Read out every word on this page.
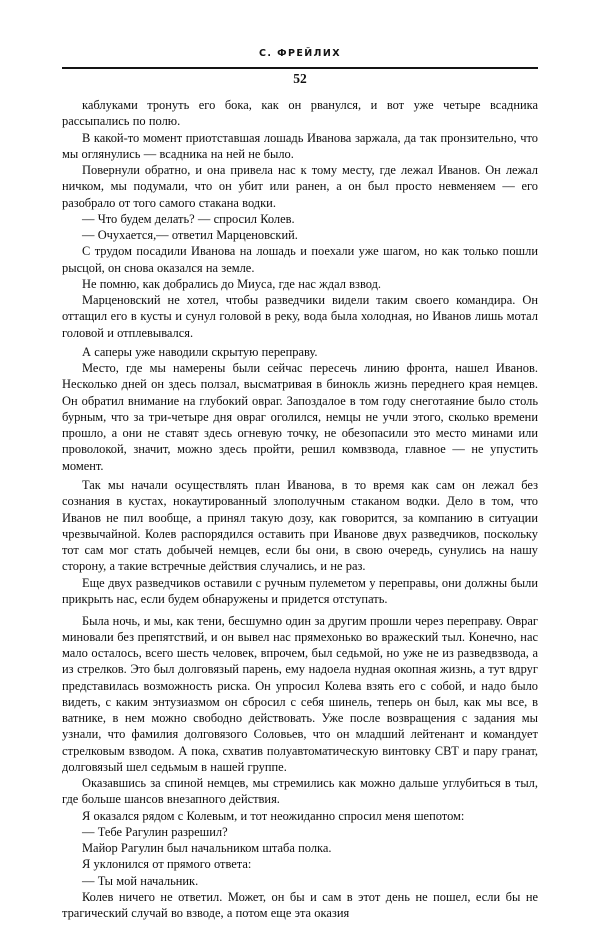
С. ФРЕЙЛИХ
52

каблуками тронуть его бока, как он рванулся, и вот уже четыре всадника рассыпались по полю.

В какой-то момент приотставшая лошадь Иванова заржала, да так пронзительно, что мы оглянулись — всадника на ней не было.

Повернули обратно, и она привела нас к тому месту, где лежал Иванов. Он лежал ничком, мы подумали, что он убит или ранен, а он был просто невменяем — его разобрало от того самого стакана водки.

— Что будем делать? — спросил Колев.

— Очухается,— ответил Марценовский.

С трудом посадили Иванова на лошадь и поехали уже шагом, но как только пошли рысцой, он снова оказался на земле.

Не помню, как добрались до Миуса, где нас ждал взвод.

Марценовский не хотел, чтобы разведчики видели таким своего командира. Он оттащил его в кусты и сунул головой в реку, вода была холодная, но Иванов лишь мотал головой и отплевывался.

А саперы уже наводили скрытую переправу.

Место, где мы намерены были сейчас пересечь линию фронта, нашел Иванов. Несколько дней он здесь ползал, высматривая в бинокль жизнь переднего края немцев. Он обратил внимание на глубокий овраг. Запоздалое в том году снеготаяние было столь бурным, что за три-четыре дня овраг оголился, немцы не учли этого, сколько времени прошло, а они не ставят здесь огневую точку, не обезопасили это место минами или проволокой, значит, можно здесь пройти, решил комвзвода, главное — не упустить момент.

Так мы начали осуществлять план Иванова, в то время как сам он лежал без сознания в кустах, нокаутированный злополучным стаканом водки. Дело в том, что Иванов не пил вообще, а принял такую дозу, как говорится, за компанию в ситуации чрезвычайной. Колев распорядился оставить при Иванове двух разведчиков, поскольку тот сам мог стать добычей немцев, если бы они, в свою очередь, сунулись на нашу сторону, а такие встречные действия случались, и не раз.

Еще двух разведчиков оставили с ручным пулеметом у переправы, они должны были прикрыть нас, если будем обнаружены и придется отступать.

Была ночь, и мы, как тени, бесшумно один за другим прошли через переправу. Овраг миновали без препятствий, и он вывел нас прямехонько во вражеский тыл. Конечно, нас мало осталось, всего шесть человек, впрочем, был седьмой, но уже не из разведвзвода, а из стрелков. Это был долговязый парень, ему надоела нудная окопная жизнь, а тут вдруг представилась возможность риска. Он упросил Колева взять его с собой, и надо было видеть, с каким энтузиазмом он сбросил с себя шинель, теперь он был, как мы все, в ватнике, в нем можно свободно действовать. Уже после возвращения с задания мы узнали, что фамилия долговязого Соловьев, что он младший лейтенант и командует стрелковым взводом. А пока, схватив полуавтоматическую винтовку СВТ и пару гранат, долговязый шел седьмым в нашей группе.

Оказавшись за спиной немцев, мы стремились как можно дальше углубиться в тыл, где больше шансов внезапного действия.

Я оказался рядом с Колевым, и тот неожиданно спросил меня шепотом:

— Тебе Рагулин разрешил?

Майор Рагулин был начальником штаба полка.

Я уклонился от прямого ответа:

— Ты мой начальник.

Колев ничего не ответил. Может, он бы и сам в этот день не пошел, если бы не трагический случай во взводе, а потом еще эта оказия
